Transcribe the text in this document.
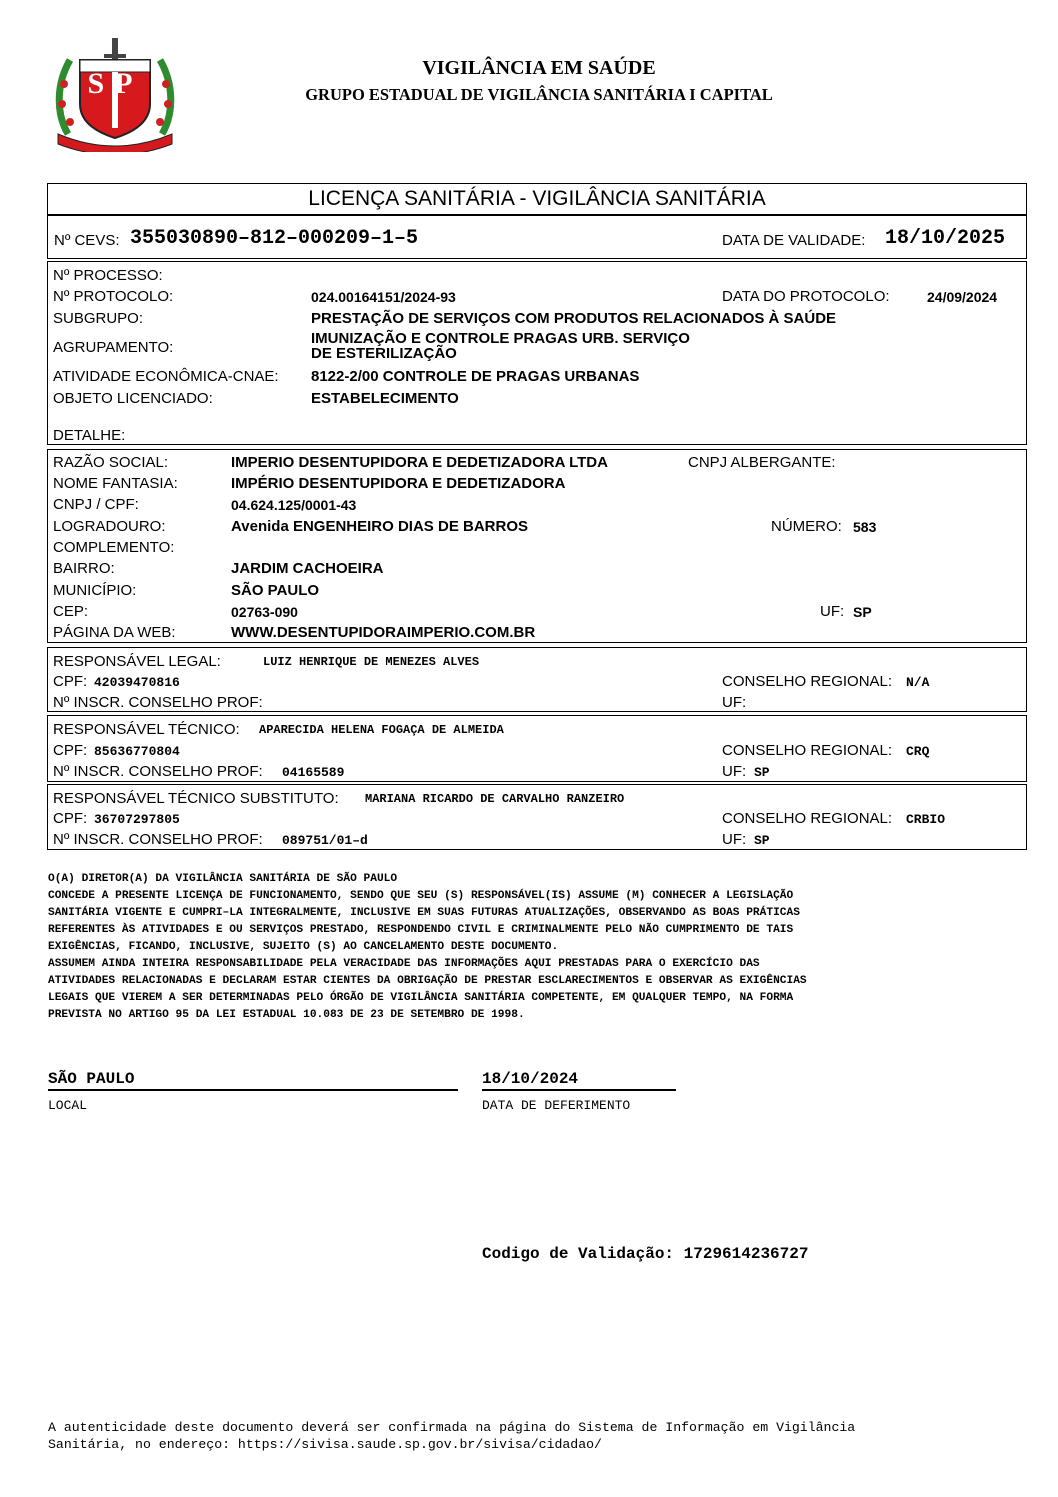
SP	VIGILÂNCIA EM SAÚDE
GRUPO ESTADUAL DE VIGILÂNCIA SANITÁRIA I CAPITAL
LICENÇA SANITÁRIA - VIGILÂNCIA SANITÁRIA
Nº CEVS: 355030890–812–000209–1–5	DATA DE VALIDADE: 18/10/2025
Nº PROCESSO:
Nº PROTOCOLO:	024.00164151/2024-93	DATA DO PROTOCOLO:	24/09/2024
SUBGRUPO:	PRESTAÇÃO DE SERVIÇOS COM PRODUTOS RELACIONADOS À SAÚDE
AGRUPAMENTO:
IMUNIZAÇÃO E CONTROLE PRAGAS URB. SERVIÇO
DE ESTERILIZAÇÃO
ATIVIDADE ECONÔMICA-CNAE: 8122-2/00 CONTROLE DE PRAGAS URBANAS
OBJETO LICENCIADO:	ESTABELECIMENTO
DETALHE:
RAZÃO SOCIAL:	IMPERIO DESENTUPIDORA E DEDETIZADORA LTDA	CNPJ ALBERGANTE:
NOME FANTASIA:	IMPÉRIO DESENTUPIDORA E DEDETIZADORA
CNPJ / CPF:	04.624.125/0001-43
LOGRADOURO:	Avenida ENGENHEIRO DIAS DE BARROS	NÚMERO: 583
COMPLEMENTO:
BAIRRO:	JARDIM CACHOEIRA
MUNICÍPIO:	SÃO PAULO
CEP:	02763-090	UF: SP
PÁGINA DA WEB:	WWW.DESENTUPIDORAIMPERIO.COM.BR
RESPONSÁVEL LEGAL:	LUIZ HENRIQUE DE MENEZES ALVES
CPF: 42039470816	CONSELHO REGIONAL: N/A
Nº INSCR. CONSELHO PROF:	UF:
RESPONSÁVEL TÉCNICO: APARECIDA HELENA FOGAÇA DE ALMEIDA
CPF: 85636770804	CONSELHO REGIONAL: CRQ
Nº INSCR. CONSELHO PROF: 04165589	UF: SP
RESPONSÁVEL TÉCNICO SUBSTITUTO: MARIANA RICARDO DE CARVALHO RANZEIRO
CPF: 36707297805	CONSELHO REGIONAL: CRBIO
Nº INSCR. CONSELHO PROF: 089751/01–d	UF: SP
O(A) DIRETOR(A) DA VIGILÂNCIA SANITÁRIA DE SÃO PAULO
CONCEDE A PRESENTE LICENÇA DE FUNCIONAMENTO, SENDO QUE SEU (S) RESPONSÁVEL(IS) ASSUME (M) CONHECER A LEGISLAÇÃO
SANITÁRIA VIGENTE E CUMPRI–LA INTEGRALMENTE, INCLUSIVE EM SUAS FUTURAS ATUALIZAÇÕES, OBSERVANDO AS BOAS PRÁTICAS
REFERENTES ÀS ATIVIDADES E OU SERVIÇOS PRESTADO, RESPONDENDO CIVIL E CRIMINALMENTE PELO NÃO CUMPRIMENTO DE TAIS
EXIGÊNCIAS, FICANDO, INCLUSIVE, SUJEITO (S) AO CANCELAMENTO DESTE DOCUMENTO.
ASSUMEM AINDA INTEIRA RESPONSABILIDADE PELA VERACIDADE DAS INFORMAÇÕES AQUI PRESTADAS PARA O EXERCÍCIO DAS
ATIVIDADES RELACIONADAS E DECLARAM ESTAR CIENTES DA OBRIGAÇÃO DE PRESTAR ESCLARECIMENTOS E OBSERVAR AS EXIGÊNCIAS
LEGAIS QUE VIEREM A SER DETERMINADAS PELO ÓRGÃO DE VIGILÂNCIA SANITÁRIA COMPETENTE, EM QUALQUER TEMPO, NA FORMA
PREVISTA NO ARTIGO 95 DA LEI ESTADUAL 10.083 DE 23 DE SETEMBRO DE 1998.
SÃO PAULO
LOCAL
18/10/2024
DATA DE DEFERIMENTO
Codigo de Validação: 1729614236727
A autenticidade deste documento deverá ser confirmada na página do Sistema de Informação em Vigilância
Sanitária, no endereço: https://sivisa.saude.sp.gov.br/sivisa/cidadao/
